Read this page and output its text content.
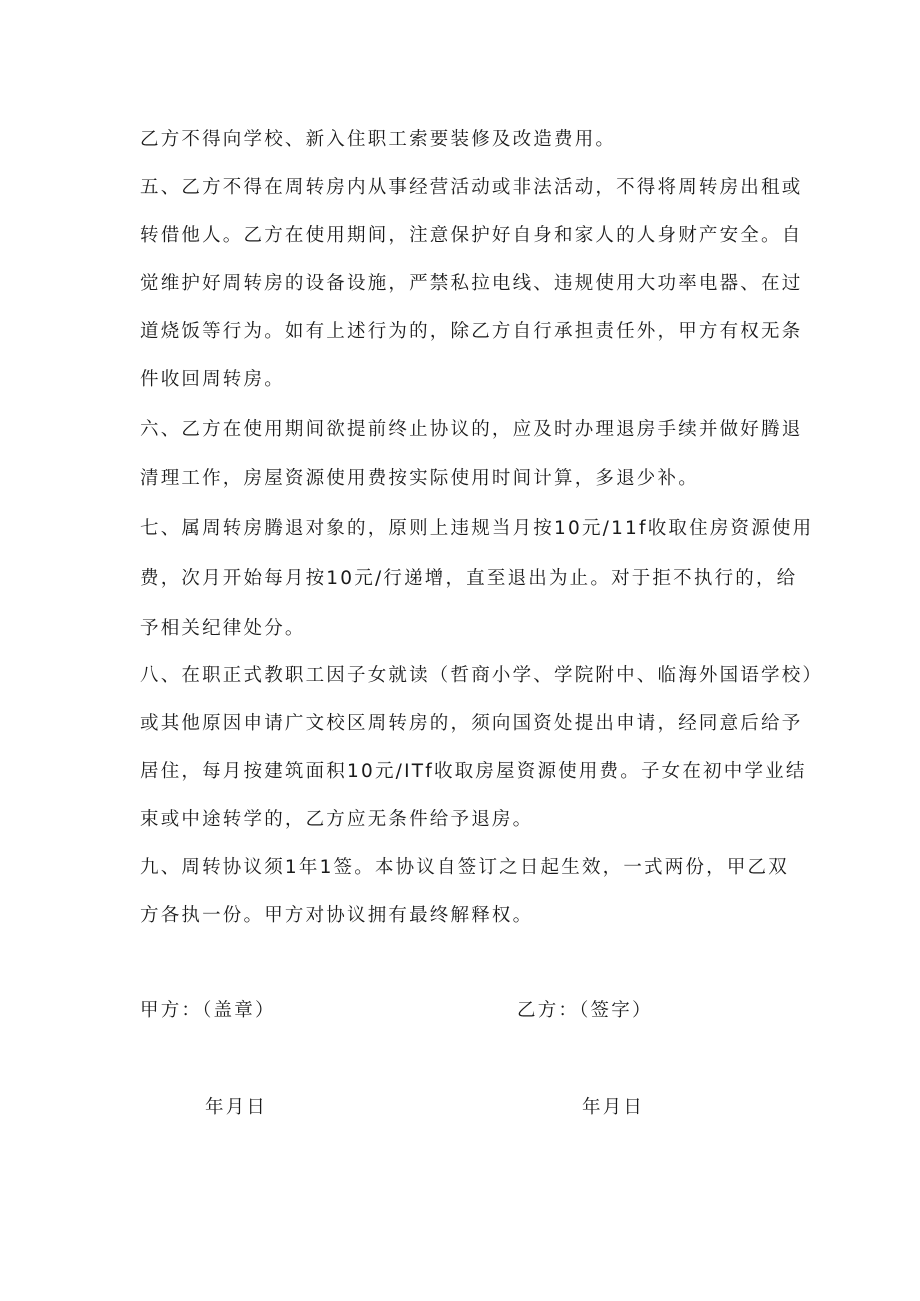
乙方不得向学校、新入住职工索要装修及改造费用。
五、乙方不得在周转房内从事经营活动或非法活动，不得将周转房出租或
转借他人。乙方在使用期间，注意保护好自身和家人的人身财产安全。自
觉维护好周转房的设备设施，严禁私拉电线、违规使用大功率电器、在过
道烧饭等行为。如有上述行为的，除乙方自行承担责任外，甲方有权无条
件收回周转房。
六、乙方在使用期间欲提前终止协议的，应及时办理退房手续并做好腾退
清理工作，房屋资源使用费按实际使用时间计算，多退少补。
七、属周转房腾退对象的，原则上违规当月按10元/11f收取住房资源使用
费，次月开始每月按10元/行递增，直至退出为止。对于拒不执行的，给
予相关纪律处分。
八、在职正式教职工因子女就读（哲商小学、学院附中、临海外国语学校）
或其他原因申请广文校区周转房的，须向国资处提出申请，经同意后给予
居住，每月按建筑面积10元/ITf收取房屋资源使用费。子女在初中学业结
束或中途转学的，乙方应无条件给予退房。
九、周转协议须1年1签。本协议自签订之日起生效，一式两份，甲乙双
方各执一份。甲方对协议拥有最终解释权。
甲方：（盖章）	乙方：（签字）
年月日	年月日
